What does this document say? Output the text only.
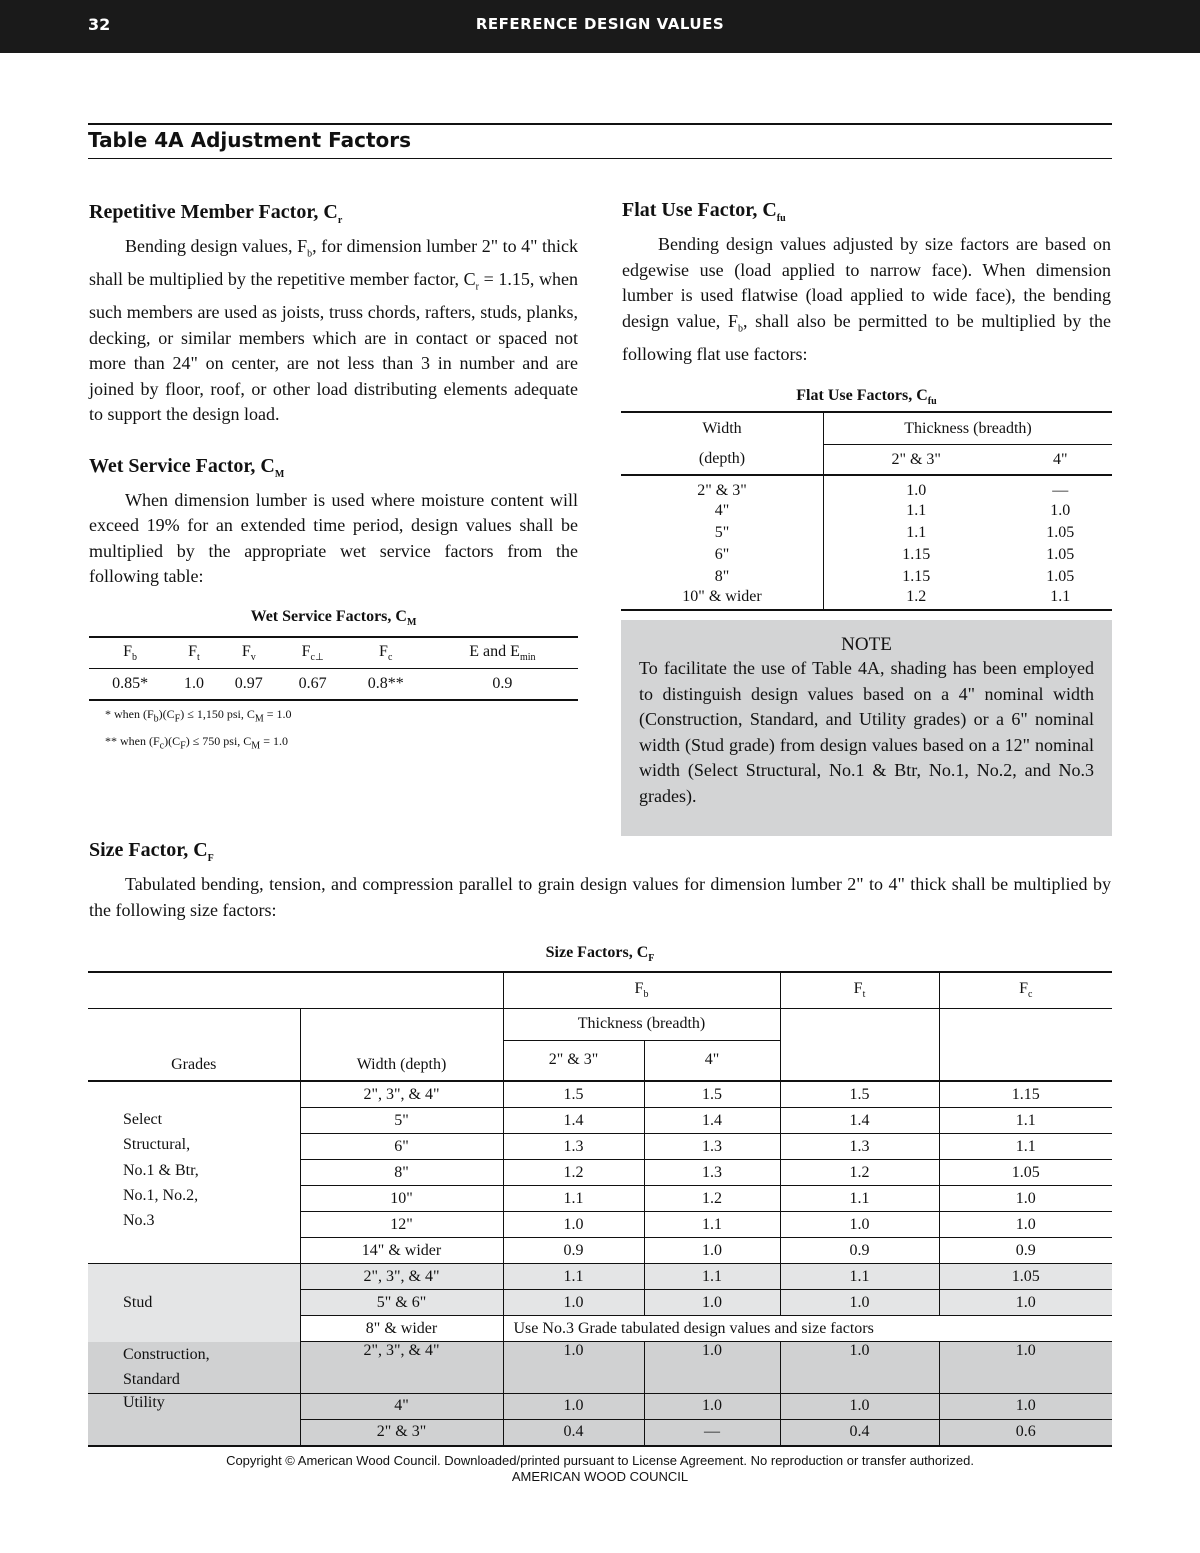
32	REFERENCE DESIGN VALUES
Table 4A Adjustment Factors
Repetitive Member Factor, $C_r$

Bending design values, $F_b$, for dimension lumber 2" to 4" thick shall be multiplied by the repetitive member factor, $C_r = 1.15$, when such members are used as joists, truss chords, rafters, studs, planks, decking, or similar members which are in contact or spaced not more than 24" on center, are not less than 3 in number and are joined by floor, roof, or other load distributing elements adequate to support the design load.

Wet Service Factor, $C_M$

When dimension lumber is used where moisture content will exceed 19% for an extended time period, design values shall be multiplied by the appropriate wet service factors from the following table:

Wet Service Factors, $C_M$
$F_b$	$F_t$	$F_v$	$F_{c\perp}$	$F_c$	E and $E_{min}$
0.85*	1.0	0.97	0.67	0.8**	0.9
* when $(F_b)(C_F) \le 1,150$ psi, $C_M = 1.0$
** when $(F_c)(C_F) \le 750$ psi, $C_M = 1.0$
Flat Use Factor, $C_{fu}$

Bending design values adjusted by size factors are based on edgewise use (load applied to narrow face). When dimension lumber is used flatwise (load applied to wide face), the bending design value, $F_b$, shall also be permitted to be multiplied by the following flat use factors:

Flat Use Factors, $C_{fu}$
Width	Thickness (breadth)	
(depth)	2" & 3"	4"
2" & 3"	1.0	—
4"	1.1	1.0
5"	1.1	1.05
6"	1.15	1.05
8"	1.15	1.05
10" & wider	1.2	1.1
NOTE

To facilitate the use of Table 4A, shading has been employed to distinguish design values based on a 4" nominal width (Construction, Standard, and Utility grades) or a 6" nominal width (Stud grade) from design values based on a 12" nominal width (Select Structural, No.1 & Btr, No.1, No.2, and No.3 grades).

Size Factor, $C_F$

Tabulated bending, tension, and compression parallel to grain design values for dimension lumber 2" to 4" thick shall be multiplied by the following size factors:

Size Factors, $C_F$
		$F_b$		$F_t$	$F_c$
Grades	Width (depth)	Thickness (breadth)			
		2" & 3"	4"		

Select
Structural,
No.1 & Btr,
No.1, No.2,
No.3	2", 3", & 4"	1.5	1.5	1.5	1.15
	5"	1.4	1.4	1.4	1.1
	6"	1.3	1.3	1.3	1.1
	8"	1.2	1.3	1.2	1.05
	10"	1.1	1.2	1.1	1.0
	12"	1.0	1.1	1.0	1.0
	14" & wider	0.9	1.0	0.9	0.9
Stud	2", 3", & 4"	1.1	1.1	1.1	1.05
	5" & 6"	1.0	1.0	1.0	1.0
	8" & wider	Use No.3 Grade tabulated design values and size factors			

Construction,
Standard	2", 3", & 4"	1.0	1.0	1.0	1.0
Utility	4"	1.0	1.0	1.0	1.0
	2" & 3"	0.4	—	0.4	0.6
Copyright © American Wood Council. Downloaded/printed pursuant to License Agreement. No reproduction or transfer authorized.
AMERICAN WOOD COUNCIL
